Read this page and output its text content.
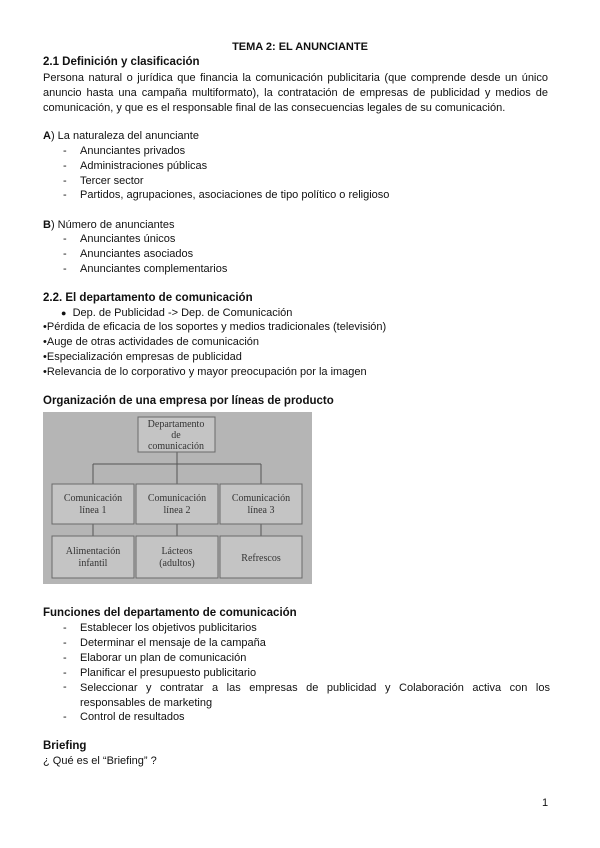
TEMA 2: EL ANUNCIANTE
2.1 Definición y clasificación
Persona natural o jurídica que financia la comunicación publicitaria (que comprende desde un único
anuncio hasta una campaña multiformato), la contratación de empresas de publicidad y medios de
comunicación, y que es el responsable final de las consecuencias legales de su comunicación.
A) La naturaleza del anunciante
- Anunciantes privados
- Administraciones públicas
- Tercer sector
- Partidos, agrupaciones, asociaciones de tipo político o religioso
B) Número de anunciantes
- Anunciantes únicos
- Anunciantes asociados
- Anunciantes complementarios
2.2. El departamento de comunicación
● Dep. de Publicidad -> Dep. de Comunicación
•Pérdida de eficacia de los soportes y medios tradicionales (televisión)
•Auge de otras actividades de comunicación
•Especialización empresas de publicidad
•Relevancia de lo corporativo y mayor preocupación por la imagen
Organización de una empresa por líneas de producto
Departamento
de
comunicación
Comunicación
línea 1
Comunicación
línea 2
Comunicación
línea 3
Alimentación
infantil
Lácteos
(adultos)	Refrescos
Funciones del departamento de comunicación
- Establecer los objetivos publicitarios
- Determinar el mensaje de la campaña
- Elaborar un plan de comunicación
- Planificar el presupuesto publicitario
- Seleccionar y contratar a las empresas de publicidad y Colaboración activa con los responsables de marketing
- Control de resultados
Briefing
¿ Qué es el “Briefing” ?
1
